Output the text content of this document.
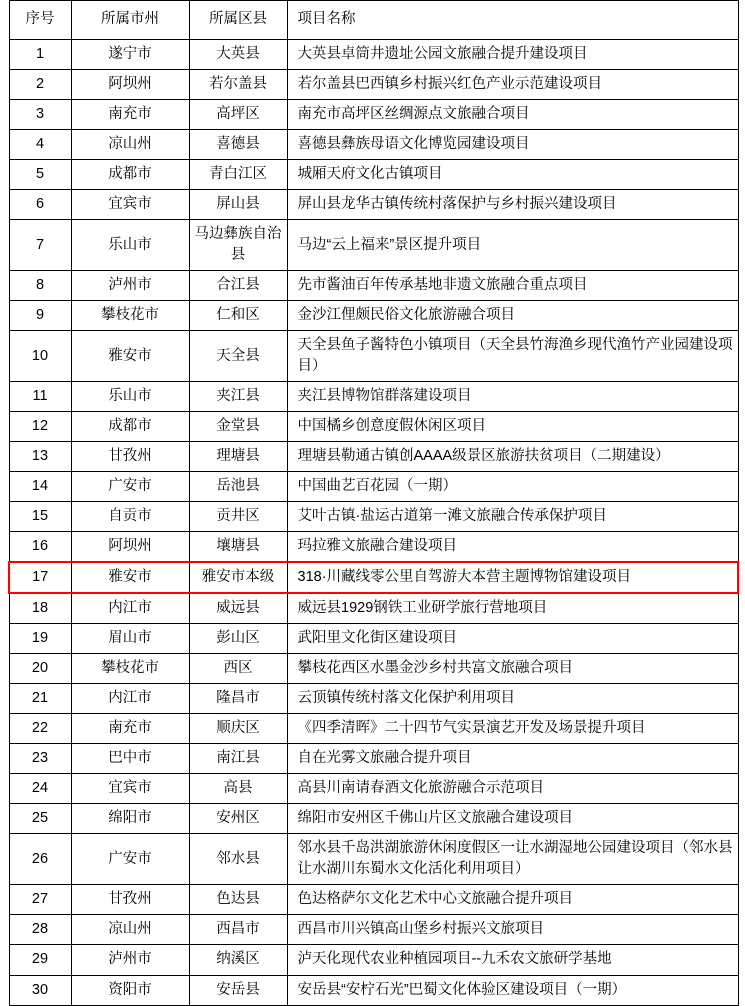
序号	所属市州	所属区县	项目名称
1	遂宁市	大英县	大英县卓筒井遗址公园文旅融合提升建设项目
2	阿坝州	若尔盖县	若尔盖县巴西镇乡村振兴红色产业示范建设项目
3	南充市	高坪区	南充市高坪区丝绸源点文旅融合项目
4	凉山州	喜德县	喜德县彝族母语文化博览园建设项目
5	成都市	青白江区	城厢天府文化古镇项目
6	宜宾市	屏山县	屏山县龙华古镇传统村落保护与乡村振兴建设项目
7	乐山市	马边彝族自治县	马边“云上福来”景区提升项目
8	泸州市	合江县	先市酱油百年传承基地非遗文旅融合重点项目
9	攀枝花市	仁和区	金沙江俚颇民俗文化旅游融合项目
10	雅安市	天全县	天全县鱼子酱特色小镇项目（天全县竹海渔乡现代渔竹产业园建设项目）
11	乐山市	夹江县	夹江县博物馆群落建设项目
12	成都市	金堂县	中国橘乡创意度假休闲区项目
13	甘孜州	理塘县	理塘县勒通古镇创AAAA级景区旅游扶贫项目（二期建设）
14	广安市	岳池县	中国曲艺百花园（一期）
15	自贡市	贡井区	艾叶古镇·盐运古道第一滩文旅融合传承保护项目
16	阿坝州	壤塘县	玛拉雅文旅融合建设项目
17	雅安市	雅安市本级	318·川藏线零公里自驾游大本营主题博物馆建设项目
18	内江市	威远县	威远县1929钢铁工业研学旅行营地项目
19	眉山市	彭山区	武阳里文化街区建设项目
20	攀枝花市	西区	攀枝花西区水墨金沙乡村共富文旅融合项目
21	内江市	隆昌市	云顶镇传统村落文化保护利用项目
22	南充市	顺庆区	《四季清晖》二十四节气实景演艺开发及场景提升项目
23	巴中市	南江县	自在光雾文旅融合提升项目
24	宜宾市	高县	高县川南请春酒文化旅游融合示范项目
25	绵阳市	安州区	绵阳市安州区千佛山片区文旅融合建设项目
26	广安市	邻水县	邻水县千岛洪湖旅游休闲度假区一让水湖湿地公园建设项目（邻水县让水湖川东蜀水文化活化利用项目）
27	甘孜州	色达县	色达格萨尔文化艺术中心文旅融合提升项目
28	凉山州	西昌市	西昌市川兴镇高山堡乡村振兴文旅项目
29	泸州市	纳溪区	泸天化现代农业种植园项目--九禾农文旅研学基地
30	资阳市	安岳县	安岳县“安柠石光”巴蜀文化体验区建设项目（一期）
